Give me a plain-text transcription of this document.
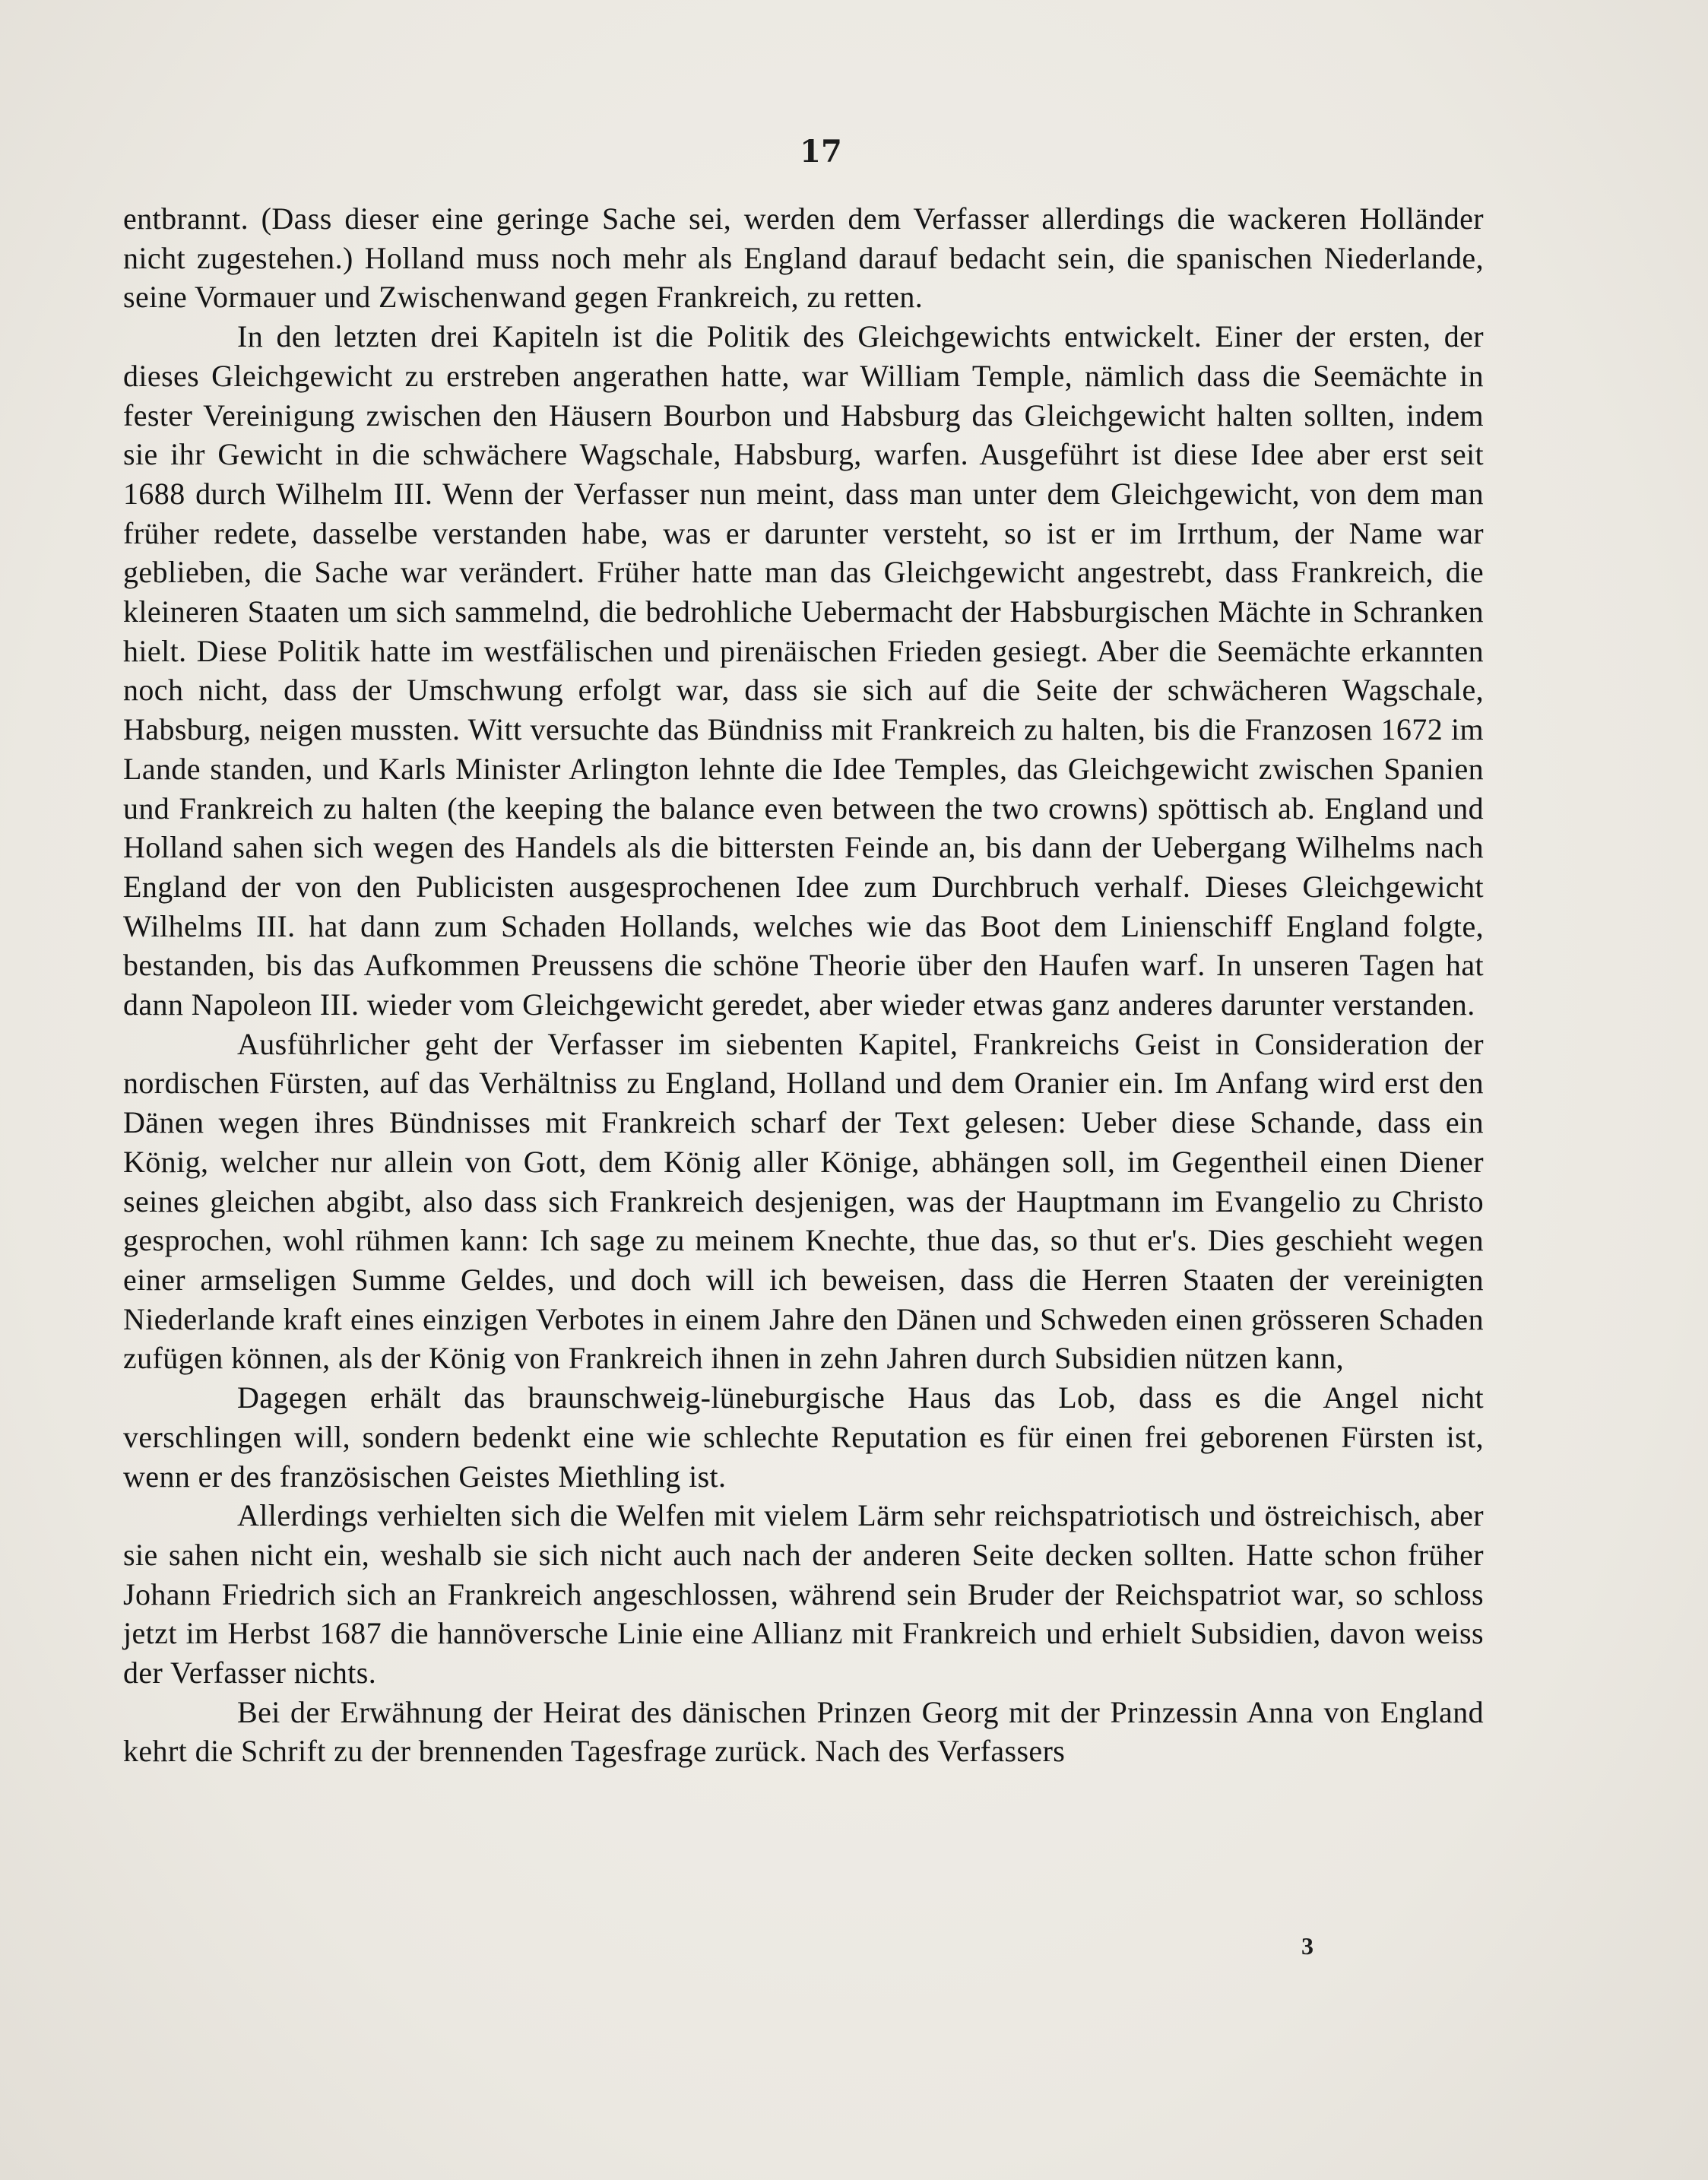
17

entbrannt. (Dass dieser eine geringe Sache sei, werden dem Verfasser allerdings die wackeren Holländer nicht zugestehen.) Holland muss noch mehr als England darauf bedacht sein, die spanischen Niederlande, seine Vormauer und Zwischenwand gegen Frankreich, zu retten.

In den letzten drei Kapiteln ist die Politik des Gleichgewichts entwickelt. Einer der ersten, der dieses Gleichgewicht zu erstreben angerathen hatte, war William Temple, nämlich dass die Seemächte in fester Vereinigung zwischen den Häusern Bourbon und Habsburg das Gleichgewicht halten sollten, indem sie ihr Gewicht in die schwächere Wagschale, Habsburg, warfen. Ausgeführt ist diese Idee aber erst seit 1688 durch Wilhelm III. Wenn der Verfasser nun meint, dass man unter dem Gleichgewicht, von dem man früher redete, dasselbe verstanden habe, was er darunter versteht, so ist er im Irrthum, der Name war geblieben, die Sache war verändert. Früher hatte man das Gleichgewicht angestrebt, dass Frankreich, die kleineren Staaten um sich sammelnd, die bedrohliche Uebermacht der Habsburgischen Mächte in Schranken hielt. Diese Politik hatte im westfälischen und pirenäischen Frieden gesiegt. Aber die Seemächte erkannten noch nicht, dass der Umschwung erfolgt war, dass sie sich auf die Seite der schwächeren Wagschale, Habsburg, neigen mussten. Witt versuchte das Bündniss mit Frankreich zu halten, bis die Franzosen 1672 im Lande standen, und Karls Minister Arlington lehnte die Idee Temples, das Gleichgewicht zwischen Spanien und Frankreich zu halten (the keeping the balance even between the two crowns) spöttisch ab. England und Holland sahen sich wegen des Handels als die bittersten Feinde an, bis dann der Uebergang Wilhelms nach England der von den Publicisten ausgesprochenen Idee zum Durchbruch verhalf. Dieses Gleichgewicht Wilhelms III. hat dann zum Schaden Hollands, welches wie das Boot dem Linienschiff England folgte, bestanden, bis das Aufkommen Preussens die schöne Theorie über den Haufen warf. In unseren Tagen hat dann Napoleon III. wieder vom Gleichgewicht geredet, aber wieder etwas ganz anderes darunter verstanden.

Ausführlicher geht der Verfasser im siebenten Kapitel, Frankreichs Geist in Consideration der nordischen Fürsten, auf das Verhältniss zu England, Holland und dem Oranier ein. Im Anfang wird erst den Dänen wegen ihres Bündnisses mit Frankreich scharf der Text gelesen: Ueber diese Schande, dass ein König, welcher nur allein von Gott, dem König aller Könige, abhängen soll, im Gegentheil einen Diener seines gleichen abgibt, also dass sich Frankreich desjenigen, was der Hauptmann im Evangelio zu Christo gesprochen, wohl rühmen kann: Ich sage zu meinem Knechte, thue das, so thut er's. Dies geschieht wegen einer armseligen Summe Geldes, und doch will ich beweisen, dass die Herren Staaten der vereinigten Niederlande kraft eines einzigen Verbotes in einem Jahre den Dänen und Schweden einen grösseren Schaden zufügen können, als der König von Frankreich ihnen in zehn Jahren durch Subsidien nützen kann,

Dagegen erhält das braunschweig-lüneburgische Haus das Lob, dass es die Angel nicht verschlingen will, sondern bedenkt eine wie schlechte Reputation es für einen frei geborenen Fürsten ist, wenn er des französischen Geistes Miethling ist.

Allerdings verhielten sich die Welfen mit vielem Lärm sehr reichspatriotisch und östreichisch, aber sie sahen nicht ein, weshalb sie sich nicht auch nach der anderen Seite decken sollten. Hatte schon früher Johann Friedrich sich an Frankreich angeschlossen, während sein Bruder der Reichspatriot war, so schloss jetzt im Herbst 1687 die hannöversche Linie eine Allianz mit Frankreich und erhielt Subsidien, davon weiss der Verfasser nichts.

Bei der Erwähnung der Heirat des dänischen Prinzen Georg mit der Prinzessin Anna von England kehrt die Schrift zu der brennenden Tagesfrage zurück. Nach des Verfassers

3
